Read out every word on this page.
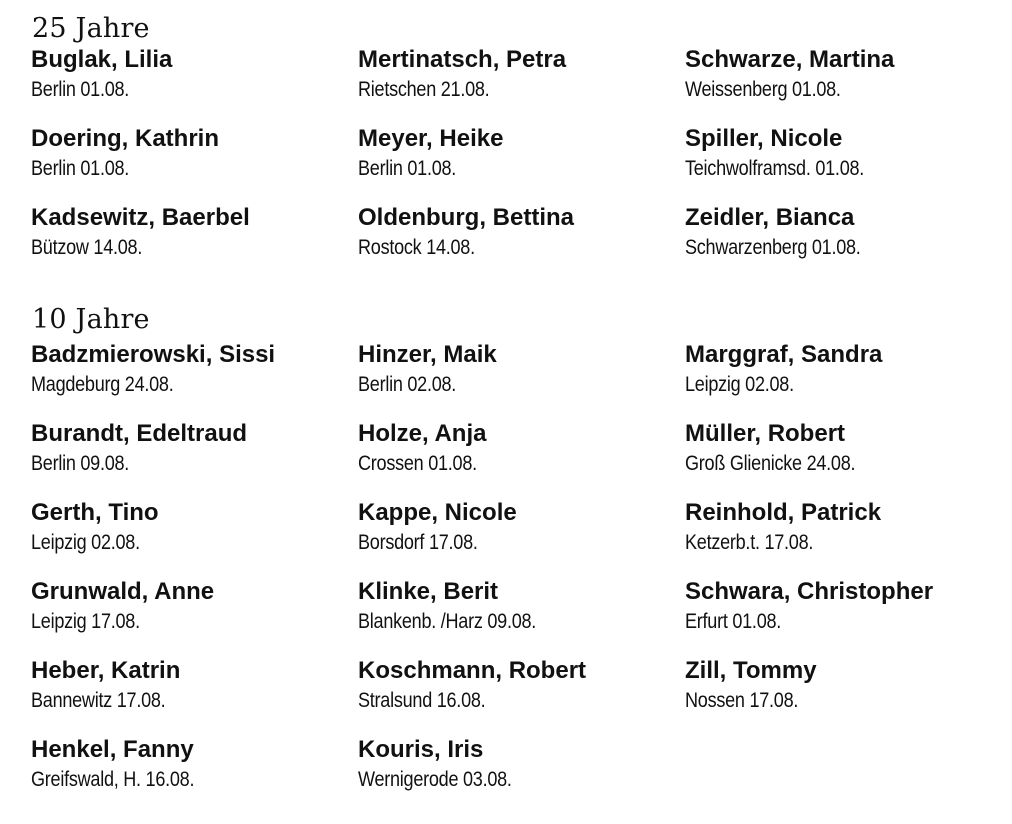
25 Jahre
Buglak, Lilia
Berlin 01.08.
Doering, Kathrin
Berlin 01.08.
Kadsewitz, Baerbel
Bützow 14.08.
Mertinatsch, Petra
Rietschen 21.08.
Meyer, Heike
Berlin 01.08.
Oldenburg, Bettina
Rostock 14.08.
Schwarze, Martina
Weissenberg 01.08.
Spiller, Nicole
Teichwolframsd. 01.08.
Zeidler, Bianca
Schwarzenberg 01.08.
10 Jahre
Badzmierowski, Sissi
Magdeburg 24.08.
Burandt, Edeltraud
Berlin 09.08.
Gerth, Tino
Leipzig 02.08.
Grunwald, Anne
Leipzig 17.08.
Heber, Katrin
Bannewitz 17.08.
Henkel, Fanny
Greifswald, H. 16.08.
Hinzer, Maik
Berlin 02.08.
Holze, Anja
Crossen 01.08.
Kappe, Nicole
Borsdorf 17.08.
Klinke, Berit
Blankenb. /Harz 09.08.
Koschmann, Robert
Stralsund 16.08.
Kouris, Iris
Wernigerode 03.08.
Marggraf, Sandra
Leipzig 02.08.
Müller, Robert
Groß Glienicke 24.08.
Reinhold, Patrick
Ketzerb.t. 17.08.
Schwara, Christopher
Erfurt 01.08.
Zill, Tommy
Nossen 17.08.
